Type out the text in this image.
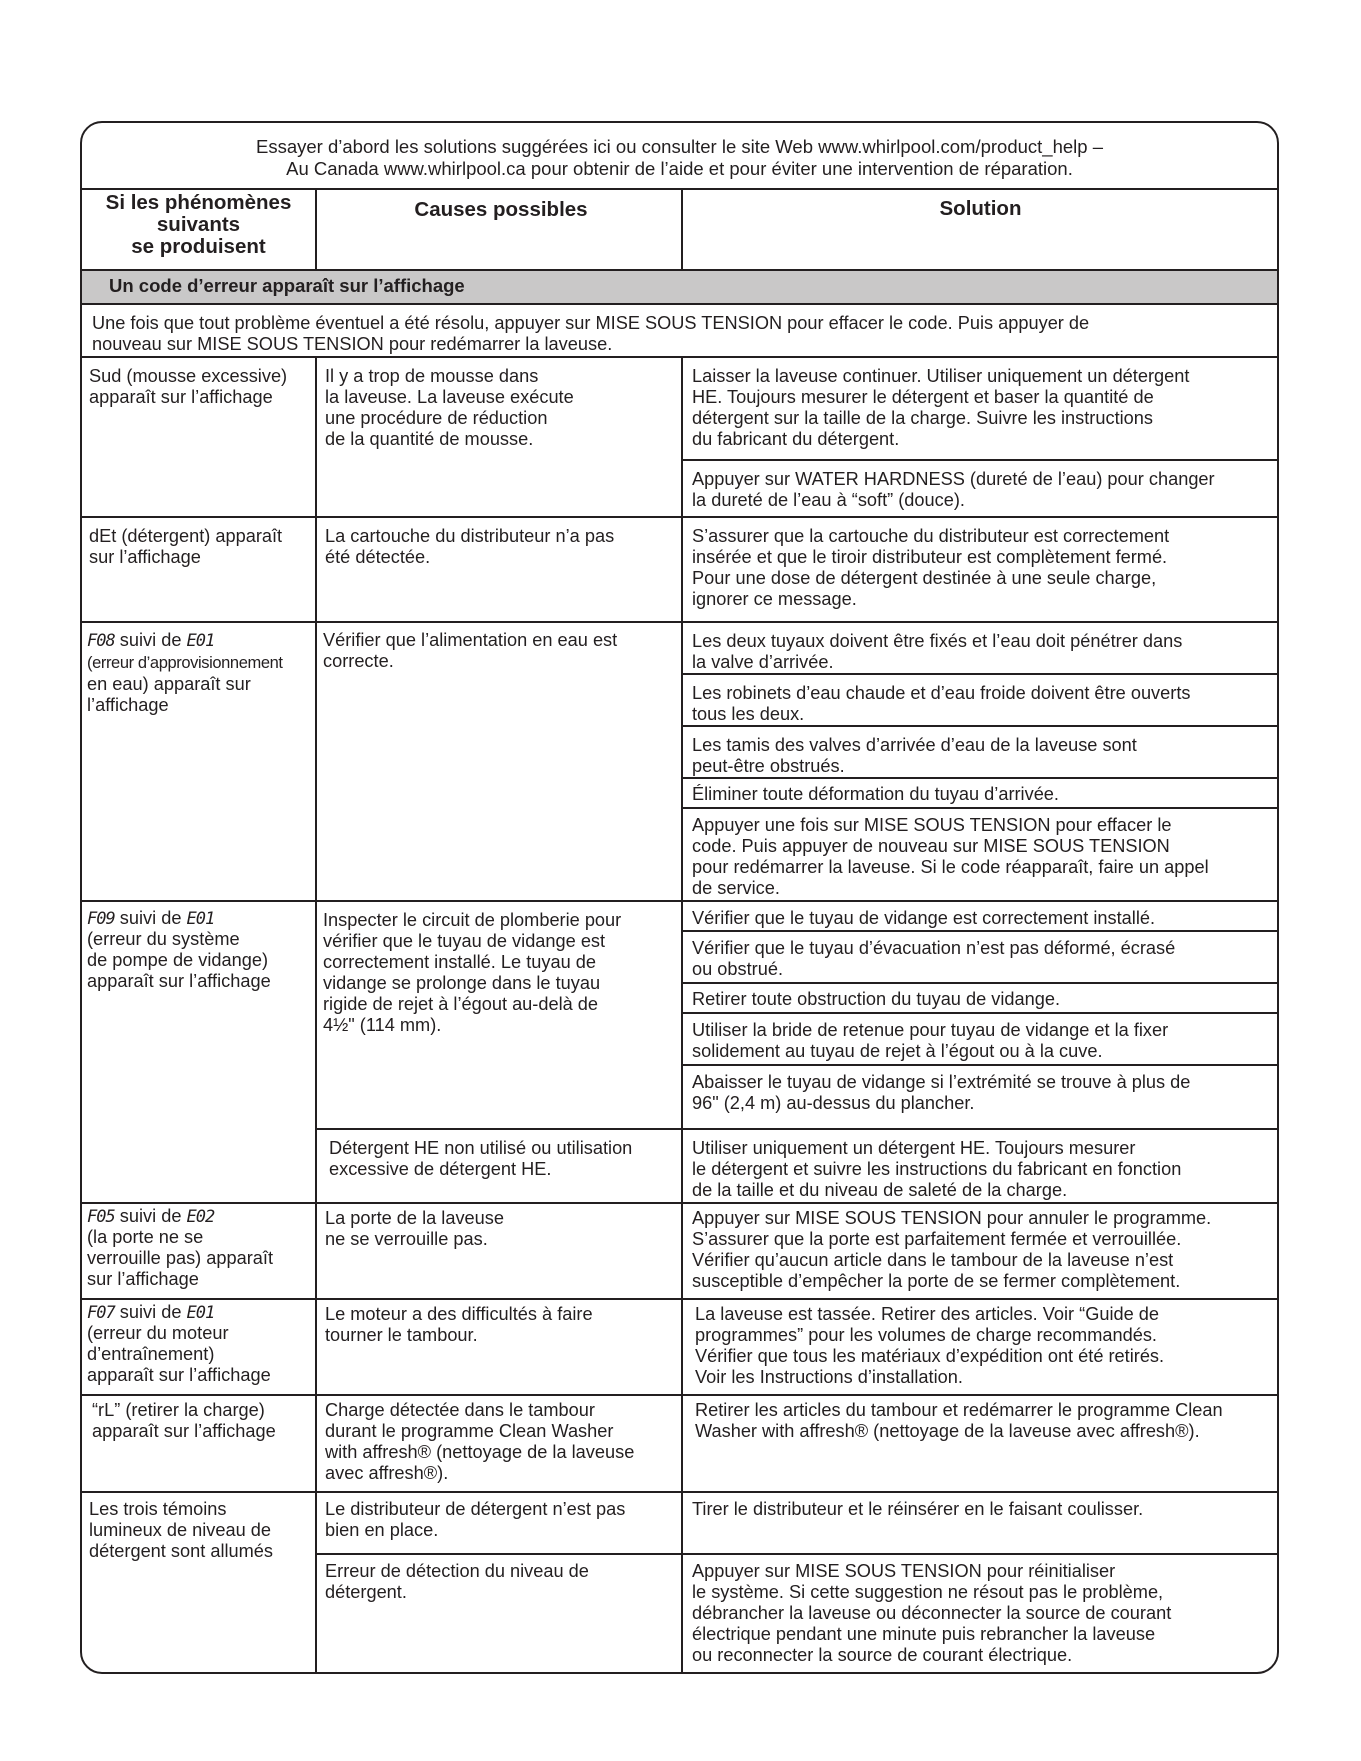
Essayer d’abord les solutions suggérées ici ou consulter le site Web www.whirlpool.com/product_help –
Au Canada www.whirlpool.ca pour obtenir de l’aide et pour éviter une intervention de réparation.
Si les phénomènes
suivants
se produisent
Causes possibles	Solution
Un code d’erreur apparaît sur l’affichage
Une fois que tout problème éventuel a été résolu, appuyer sur MISE SOUS TENSION pour effacer le code. Puis appuyer de
nouveau sur MISE SOUS TENSION pour redémarrer la laveuse.
Sud (mousse excessive)
apparaît sur l’affichage
Il y a trop de mousse dans
la laveuse. La laveuse exécute
une procédure de réduction
de la quantité de mousse.
Laisser la laveuse continuer. Utiliser uniquement un détergent
HE. Toujours mesurer le détergent et baser la quantité de
détergent sur la taille de la charge. Suivre les instructions
du fabricant du détergent.
Appuyer sur WATER HARDNESS (dureté de l’eau) pour changer
la dureté de l’eau à “soft” (douce).
dEt (détergent) apparaît
sur l’affichage
La cartouche du distributeur n’a pas
été détectée.
S’assurer que la cartouche du distributeur est correctement
insérée et que le tiroir distributeur est complètement fermé.
Pour une dose de détergent destinée à une seule charge,
ignorer ce message.
F08 suivi de E01
(erreur d’approvisionnement
en eau) apparaît sur
l’affichage
Vérifier que l’alimentation en eau est
correcte.
Les deux tuyaux doivent être fixés et l’eau doit pénétrer dans
la valve d’arrivée.
Les robinets d’eau chaude et d’eau froide doivent être ouverts
tous les deux.
Les tamis des valves d’arrivée d’eau de la laveuse sont
peut-être obstrués.
Éliminer toute déformation du tuyau d’arrivée.
Appuyer une fois sur MISE SOUS TENSION pour effacer le
code. Puis appuyer de nouveau sur MISE SOUS TENSION
pour redémarrer la laveuse. Si le code réapparaît, faire un appel
de service.
F09 suivi de E01
(erreur du système
de pompe de vidange)
apparaît sur l’affichage
Inspecter le circuit de plomberie pour
vérifier que le tuyau de vidange est
correctement installé. Le tuyau de
vidange se prolonge dans le tuyau
rigide de rejet à l’égout au-delà de
4½" (114 mm).
Détergent HE non utilisé ou utilisation
excessive de détergent HE.
Vérifier que le tuyau de vidange est correctement installé.
Vérifier que le tuyau d’évacuation n’est pas déformé, écrasé
ou obstrué.
Retirer toute obstruction du tuyau de vidange.
Utiliser la bride de retenue pour tuyau de vidange et la fixer
solidement au tuyau de rejet à l’égout ou à la cuve.
Abaisser le tuyau de vidange si l’extrémité se trouve à plus de
96" (2,4 m) au-dessus du plancher.
Utiliser uniquement un détergent HE. Toujours mesurer
le détergent et suivre les instructions du fabricant en fonction
de la taille et du niveau de saleté de la charge.
F05 suivi de E02
(la porte ne se
verrouille pas) apparaît
sur l’affichage
La porte de la laveuse
ne se verrouille pas.
Appuyer sur MISE SOUS TENSION pour annuler le programme.
S’assurer que la porte est parfaitement fermée et verrouillée.
Vérifier qu’aucun article dans le tambour de la laveuse n’est
susceptible d’empêcher la porte de se fermer complètement.
F07 suivi de E01
(erreur du moteur
d’entraînement)
apparaît sur l’affichage
Le moteur a des difficultés à faire
tourner le tambour.
La laveuse est tassée. Retirer des articles. Voir “Guide de
programmes” pour les volumes de charge recommandés.
Vérifier que tous les matériaux d’expédition ont été retirés.
Voir les Instructions d’installation.
“rL” (retirer la charge)
apparaît sur l’affichage
Charge détectée dans le tambour
durant le programme Clean Washer
with affresh® (nettoyage de la laveuse
avec affresh®).
Retirer les articles du tambour et redémarrer le programme Clean
Washer with affresh® (nettoyage de la laveuse avec affresh®).
Les trois témoins
lumineux de niveau de
détergent sont allumés
Le distributeur de détergent n’est pas
bien en place.
Erreur de détection du niveau de
détergent.
Tirer le distributeur et le réinsérer en le faisant coulisser.
Appuyer sur MISE SOUS TENSION pour réinitialiser
le système. Si cette suggestion ne résout pas le problème,
débrancher la laveuse ou déconnecter la source de courant
électrique pendant une minute puis rebrancher la laveuse
ou reconnecter la source de courant électrique.
